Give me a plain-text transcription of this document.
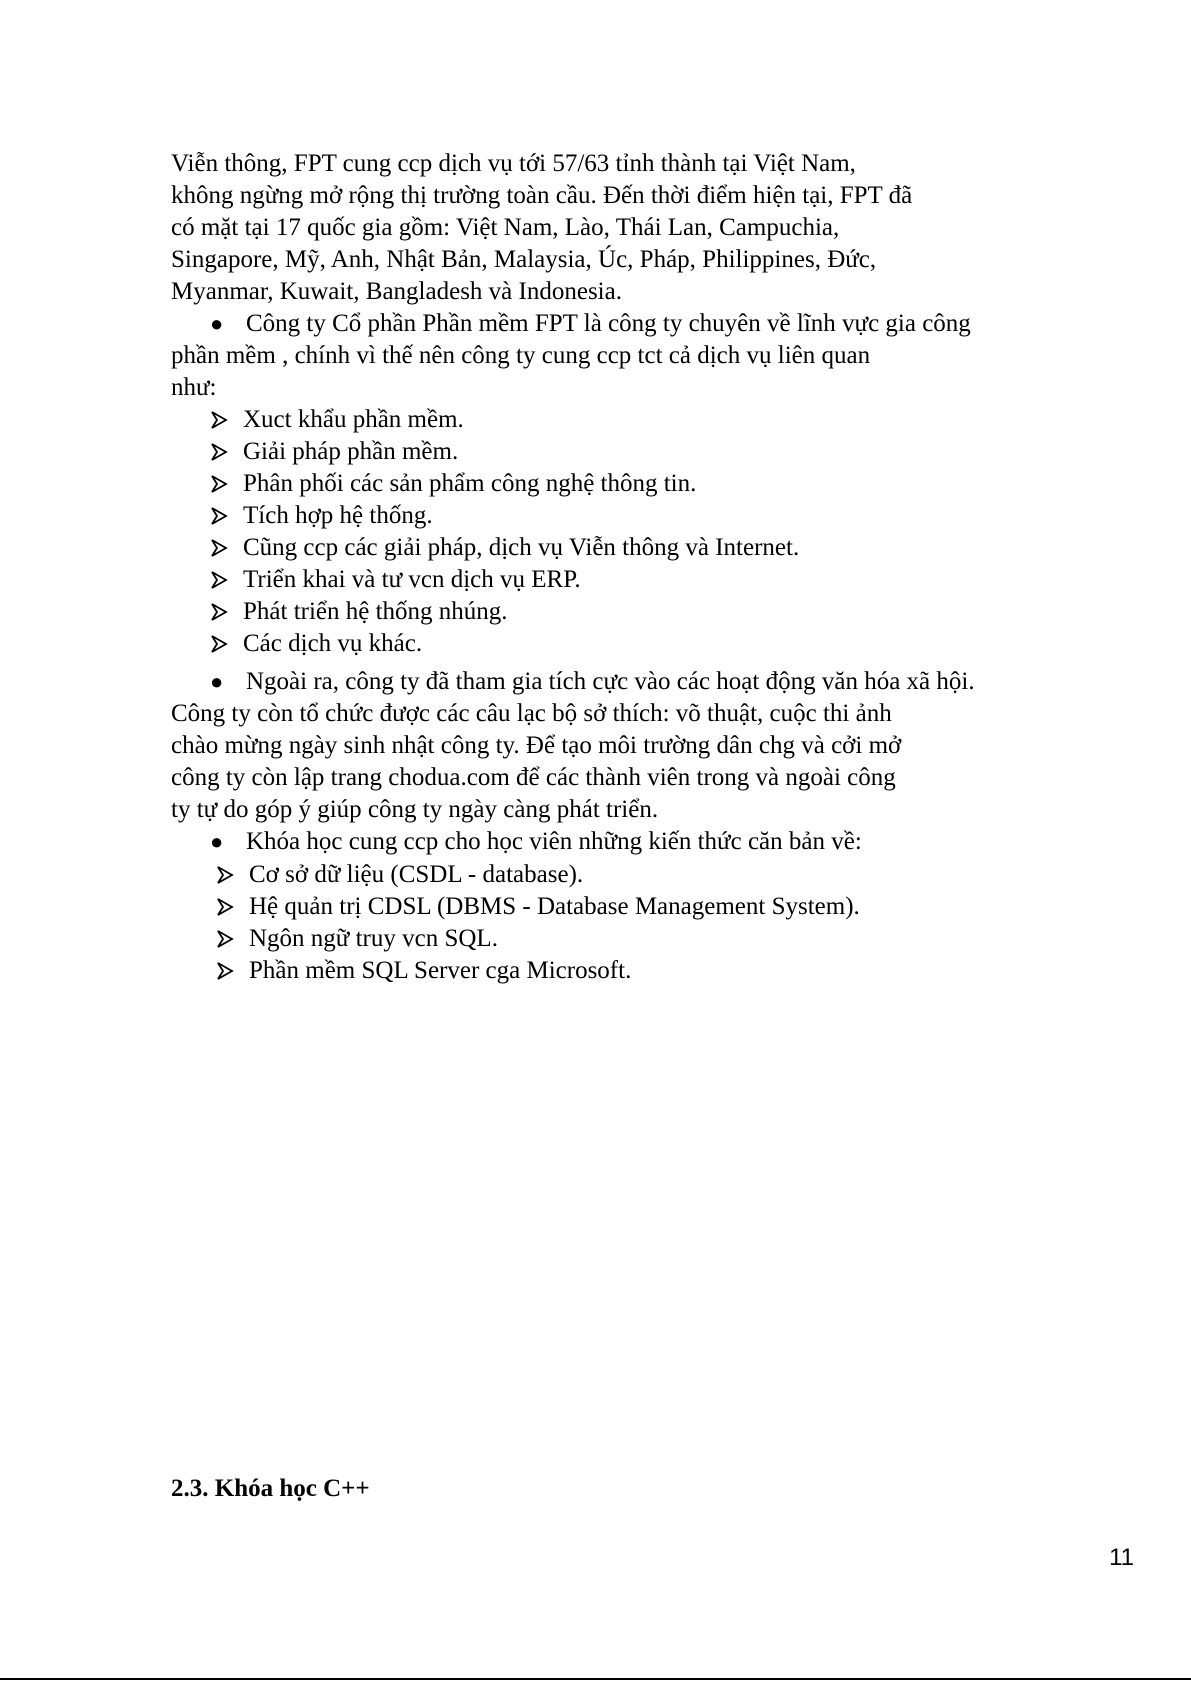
Viễn thông, FPT cung ccp dịch vụ tới 57/63 tỉnh thành tại Việt Nam,
không ngừng mở rộng thị trường toàn cầu. Đến thời điểm hiện tại, FPT đã
có mặt tại 17 quốc gia gồm: Việt Nam, Lào, Thái Lan, Campuchia,
Singapore, Mỹ, Anh, Nhật Bản, Malaysia, Úc, Pháp, Philippines, Đức,
Myanmar, Kuwait, Bangladesh và Indonesia.
● Công ty Cổ phần Phần mềm FPT là công ty chuyên về lĩnh vực gia công
phần mềm , chính vì thế nên công ty cung ccp tct cả dịch vụ liên quan
như:
Xuct khẩu phần mềm.
Giải pháp phần mềm.
Phân phối các sản phẩm công nghệ thông tin.
Tích hợp hệ thống.
Cũng ccp các giải pháp, dịch vụ Viễn thông và Internet.
Triển khai và tư vcn dịch vụ ERP.
Phát triển hệ thống nhúng.
Các dịch vụ khác.
● Ngoài ra, công ty đã tham gia tích cực vào các hoạt động văn hóa xã hội.
Công ty còn tổ chức được các câu lạc bộ sở thích: võ thuật, cuộc thi ảnh
chào mừng ngày sinh nhật công ty. Để tạo môi trường dân chg và cởi mở
công ty còn lập trang chodua.com để các thành viên trong và ngoài công
ty tự do góp ý giúp công ty ngày càng phát triển.
● Khóa học cung ccp cho học viên những kiến thức căn bản về:
Cơ sở dữ liệu (CSDL - database).
Hệ quản trị CDSL (DBMS - Database Management System).
Ngôn ngữ truy vcn SQL.
Phần mềm SQL Server cga Microsoft.
2.3. Khóa học C++
11
